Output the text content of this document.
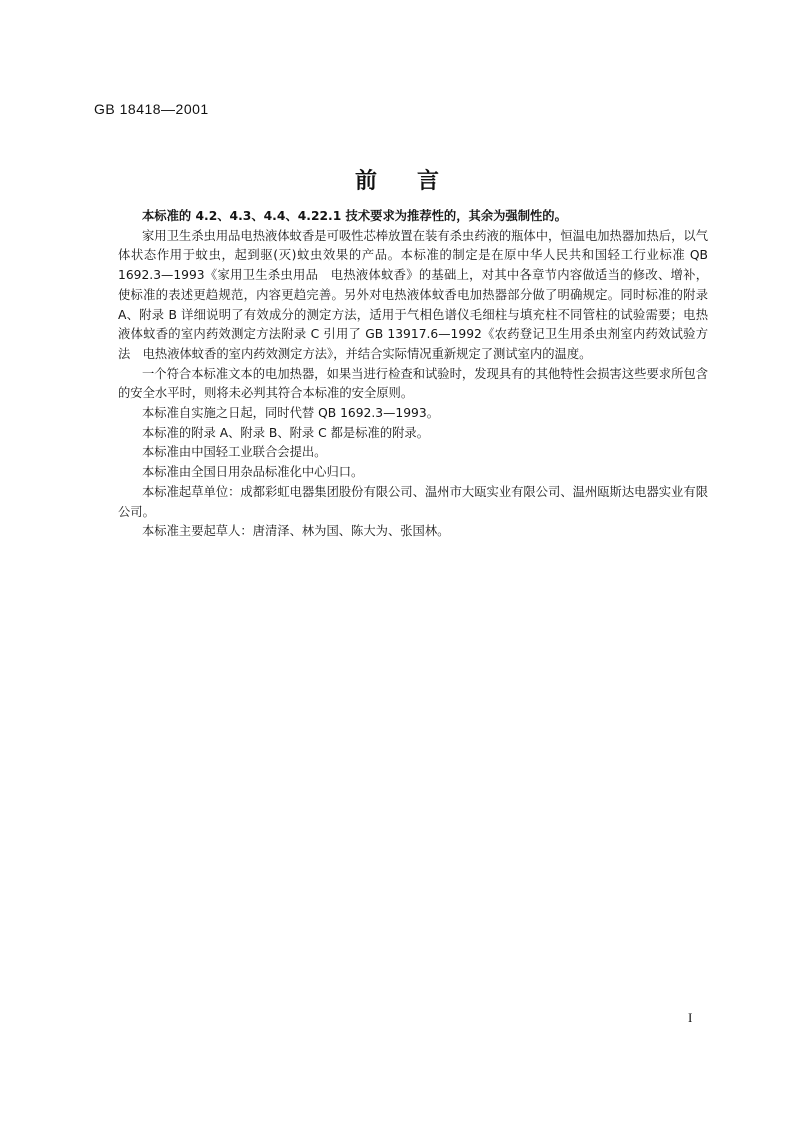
GB 18418—2001
前言

本标准的 4.2、4.3、4.4、4.22.1 技术要求为推荐性的，其余为强制性的。

家用卫生杀虫用品电热液体蚊香是可吸性芯棒放置在装有杀虫药液的瓶体中，恒温电加热器加热后，以气体状态作用于蚊虫，起到驱(灭)蚊虫效果的产品。本标准的制定是在原中华人民共和国轻工行业标准 QB 1692.3—1993《家用卫生杀虫用品　电热液体蚊香》的基础上，对其中各章节内容做适当的修改、增补，使标准的表述更趋规范，内容更趋完善。另外对电热液体蚊香电加热器部分做了明确规定。同时标准的附录 A、附录 B 详细说明了有效成分的测定方法，适用于气相色谱仪毛细柱与填充柱不同管柱的试验需要；电热液体蚊香的室内药效测定方法附录 C 引用了 GB 13917.6—1992《农药登记卫生用杀虫剂室内药效试验方法　电热液体蚊香的室内药效测定方法》，并结合实际情况重新规定了测试室内的温度。

一个符合本标准文本的电加热器，如果当进行检查和试验时，发现具有的其他特性会损害这些要求所包含的安全水平时，则将未必判其符合本标准的安全原则。

本标准自实施之日起，同时代替 QB 1692.3—1993。

本标准的附录 A、附录 B、附录 C 都是标准的附录。

本标准由中国轻工业联合会提出。

本标准由全国日用杂品标准化中心归口。

本标准起草单位：成都彩虹电器集团股份有限公司、温州市大瓯实业有限公司、温州瓯斯达电器实业有限公司。

本标准主要起草人：唐清泽、林为国、陈大为、张国林。

I
